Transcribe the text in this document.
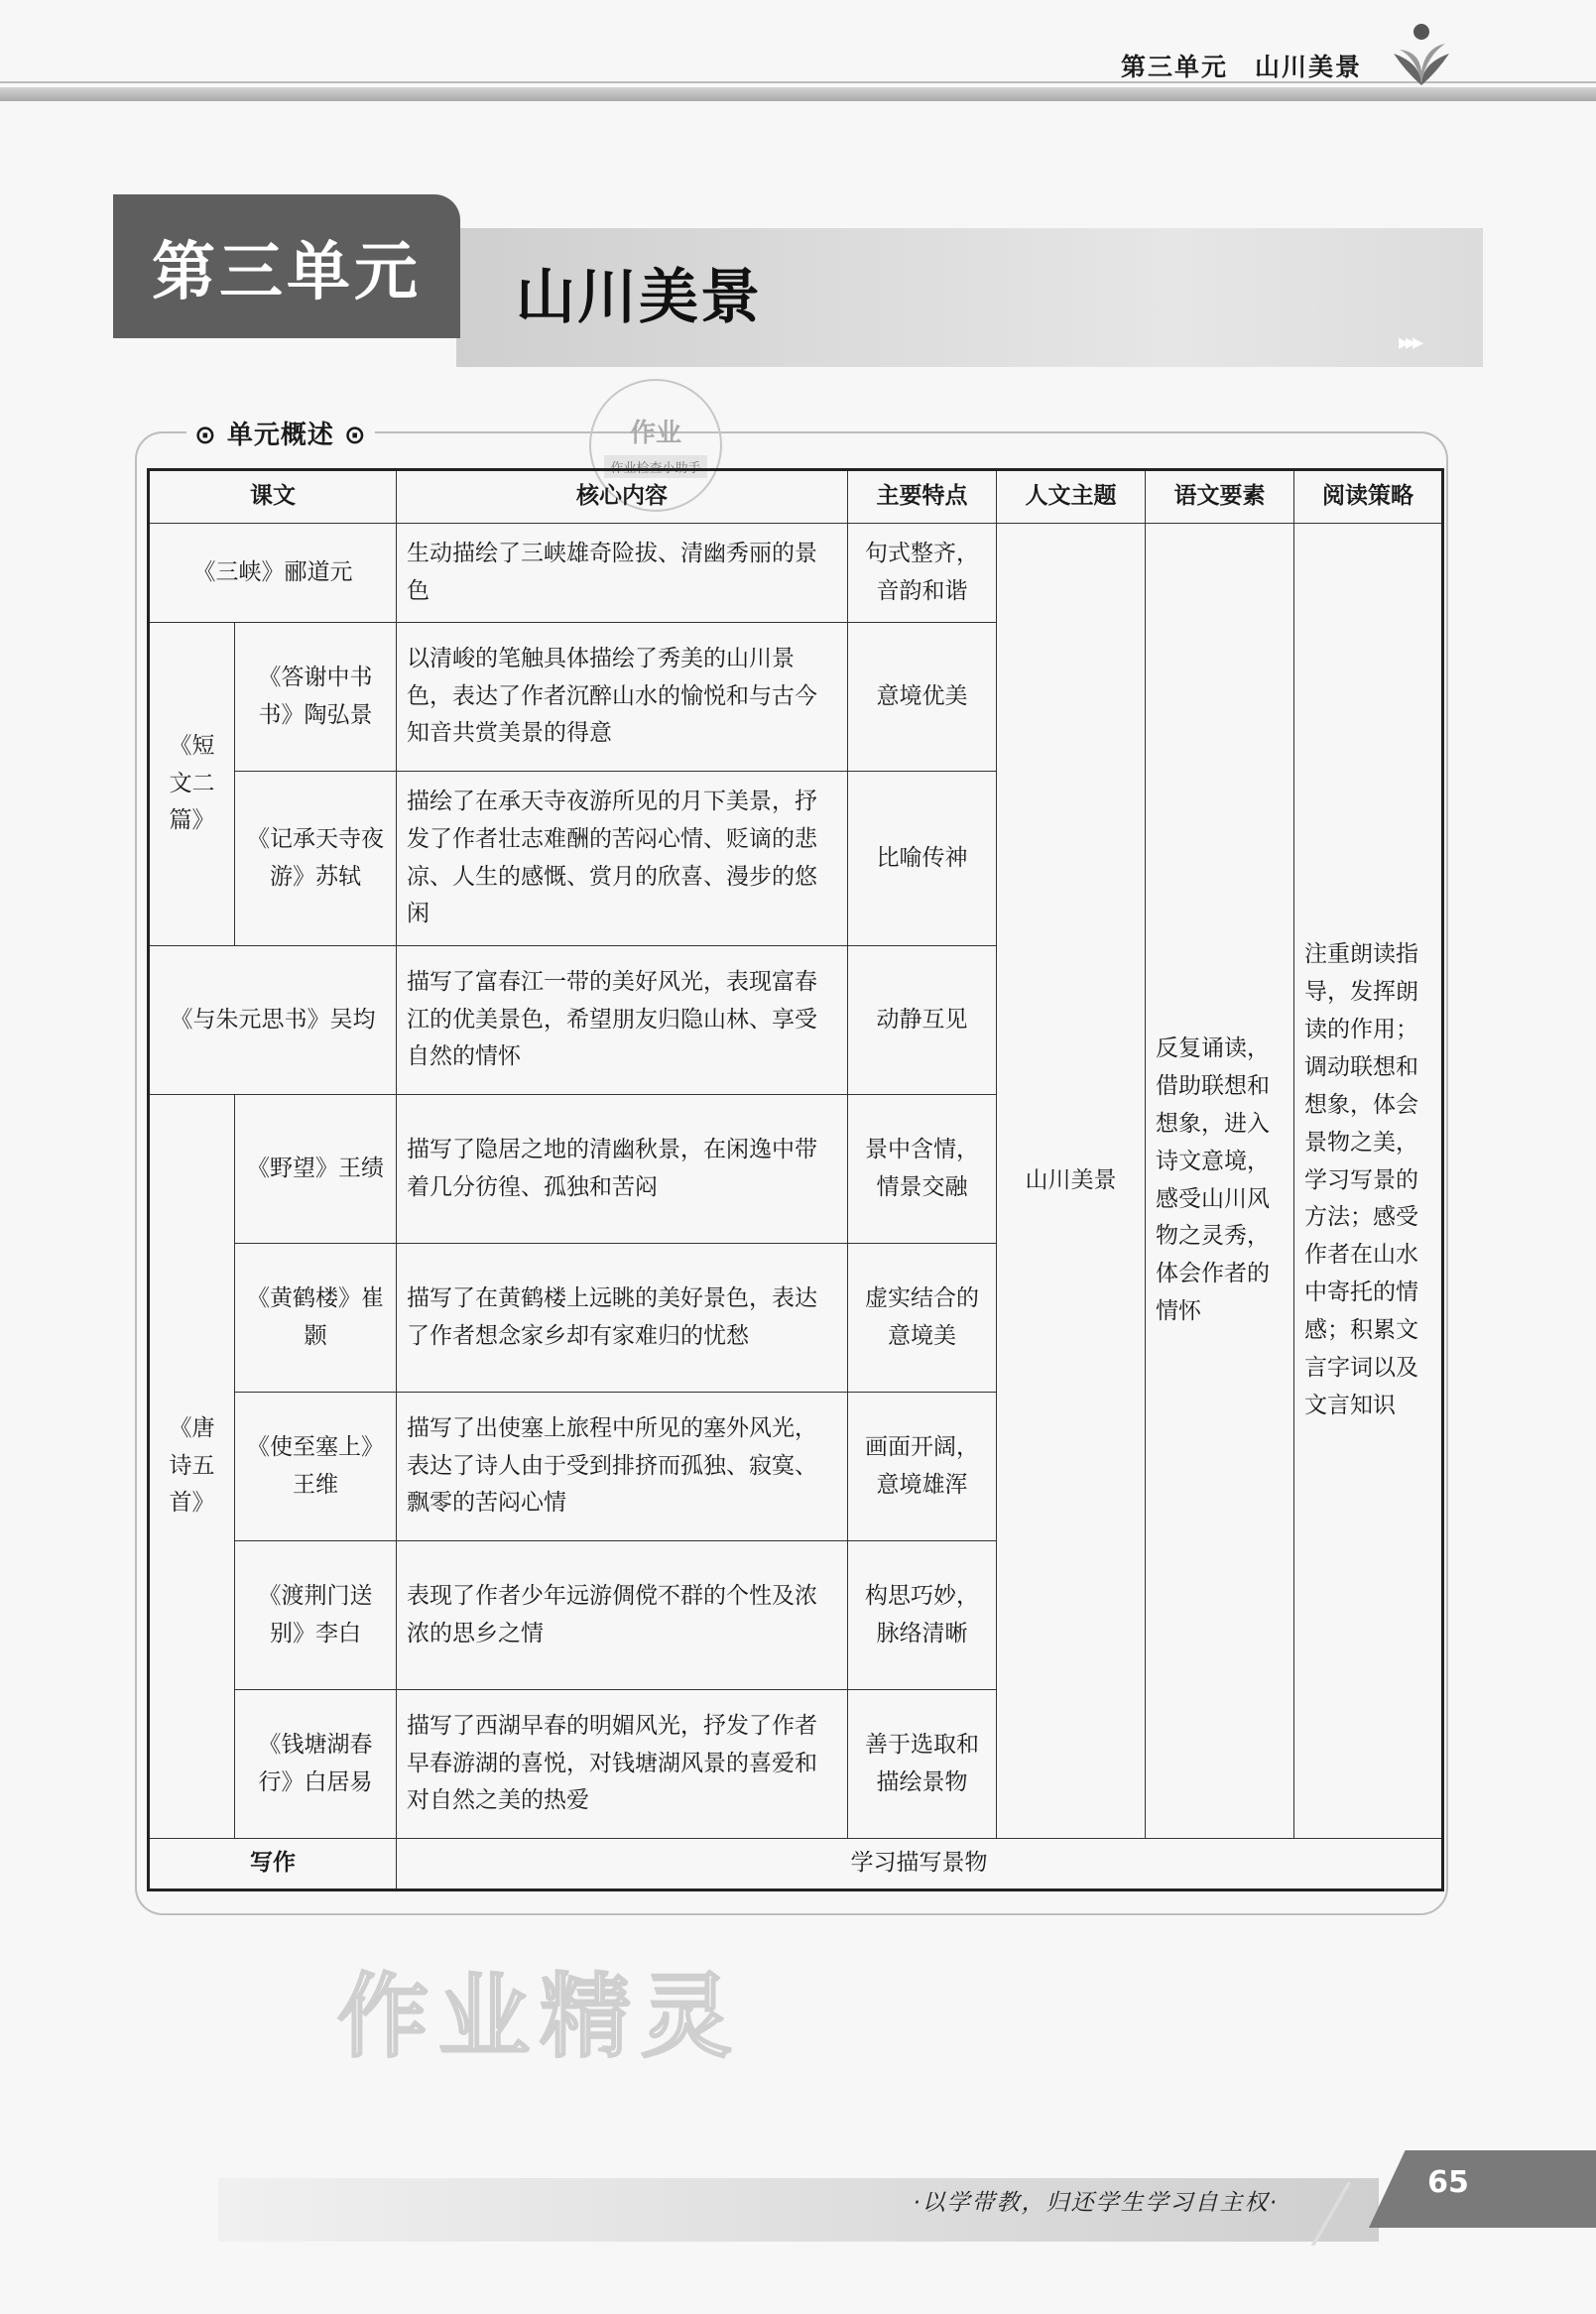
第三单元　山川美景
第三单元	山川美景
▸▸▸
⊙ 单元概述 ⊙	作业
作业检查小助手
课文		核心内容	主要特点	人文主题	语文要素	阅读策略
《三峡》郦道元		生动描绘了三峡雄奇险拔、清幽秀丽的景色	句式整齐，音韵和谐	山川美景	反复诵读，借助联想和想象，进入诗文意境，感受山川风物之灵秀，体会作者的情怀	注重朗读指导，发挥朗读的作用；调动联想和想象，体会景物之美，学习写景的方法；感受作者在山水中寄托的情感；积累文言字词以及文言知识
《短文二篇》	《答谢中书书》陶弘景	以清峻的笔触具体描绘了秀美的山川景色，表达了作者沉醉山水的愉悦和与古今知音共赏美景的得意	意境优美			
	《记承天寺夜游》苏轼	描绘了在承天寺夜游所见的月下美景，抒发了作者壮志难酬的苦闷心情、贬谪的悲凉、人生的感慨、赏月的欣喜、漫步的悠闲	比喻传神			
《与朱元思书》吴均		描写了富春江一带的美好风光，表现富春江的优美景色，希望朋友归隐山林、享受自然的情怀	动静互见			
《唐诗五首》	《野望》王绩	描写了隐居之地的清幽秋景，在闲逸中带着几分彷徨、孤独和苦闷	景中含情，情景交融			
	《黄鹤楼》崔颢	描写了在黄鹤楼上远眺的美好景色，表达了作者想念家乡却有家难归的忧愁	虚实结合的意境美			
	《使至塞上》王维	描写了出使塞上旅程中所见的塞外风光，表达了诗人由于受到排挤而孤独、寂寞、飘零的苦闷心情	画面开阔，意境雄浑			
	《渡荆门送别》李白	表现了作者少年远游倜傥不群的个性及浓浓的思乡之情	构思巧妙，脉络清晰			
	《钱塘湖春行》白居易	描写了西湖早春的明媚风光，抒发了作者早春游湖的喜悦，对钱塘湖风景的喜爱和对自然之美的热爱	善于选取和描绘景物			
写作		学习描写景物				
作业精灵
·以学带教，归还学生学习自主权·
65
